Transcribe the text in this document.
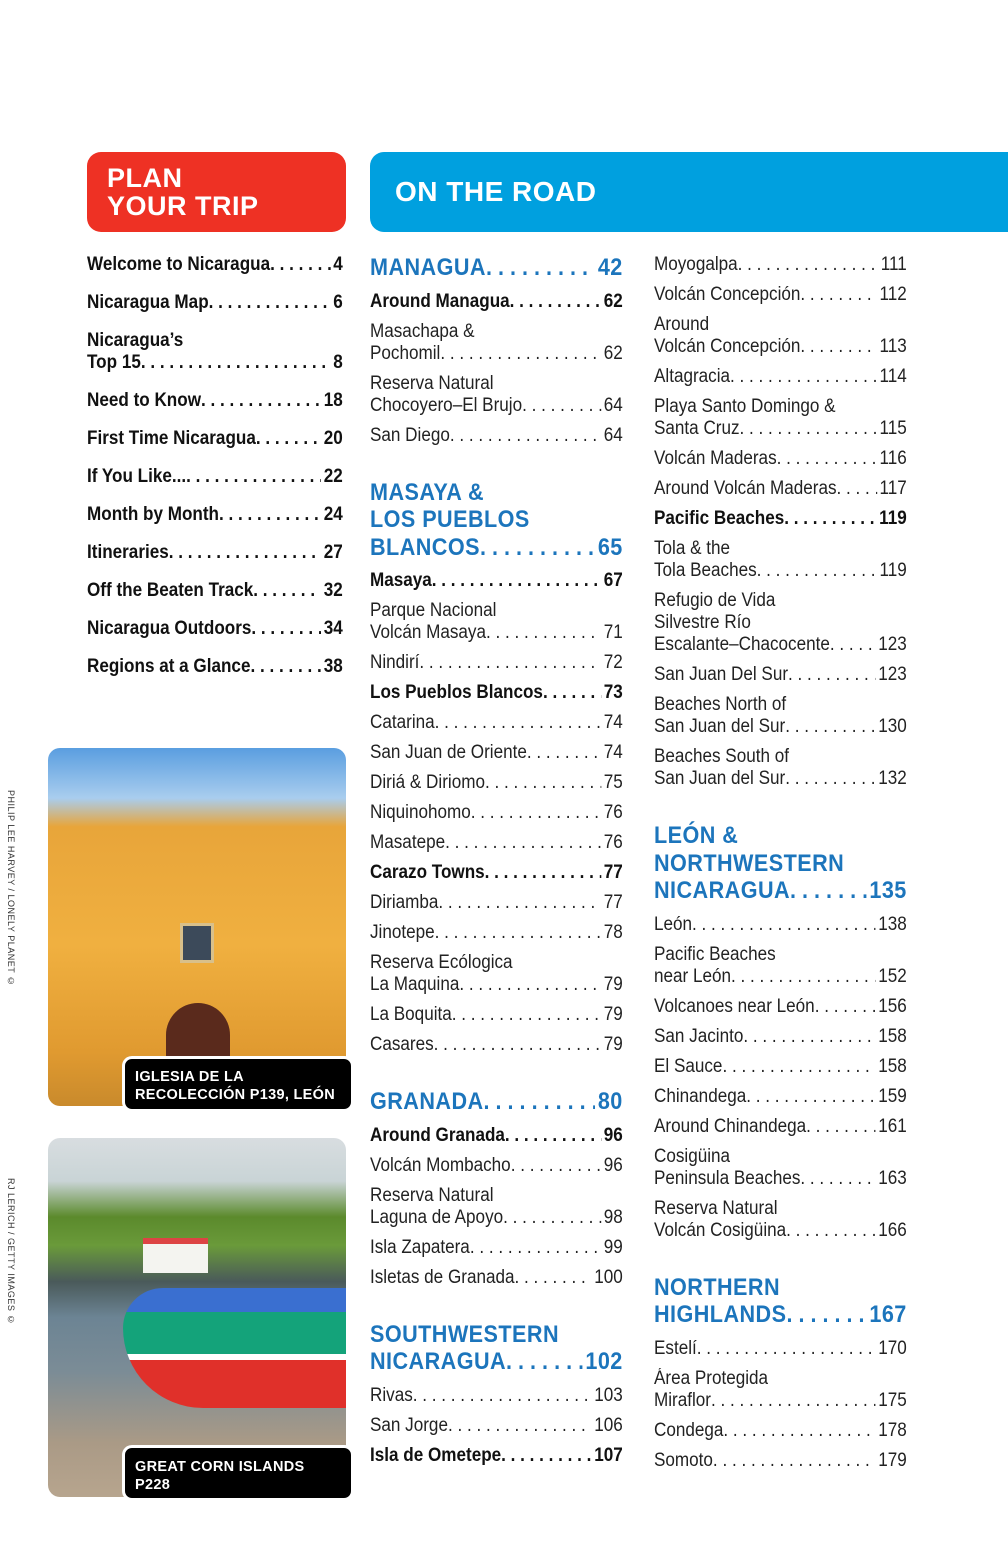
PLAN
YOUR TRIP	ON THE ROAD
Welcome to Nicaragua . . .	4
Nicaragua Map . . .	6
Nicaragua’s
Top 15 . . .	8
Need to Know . . .	18
First Time Nicaragua . . .	20
If You Like... . . .	22
Month by Month . . .	24
Itineraries . . .	27
Off the Beaten Track . . .	32
Nicaragua Outdoors . . .	34
Regions at a Glance . . .	38
MANAGUA . . .	42
Around Managua . . .	62
Masachapa &
Pochomil . . .	62
Reserva Natural
Chocoyero–El Brujo . . .	64
San Diego . . .	64
MASAYA &
LOS PUEBLOS
BLANCOS . . .	65
Masaya . . .	67
Parque Nacional
Volcán Masaya . . .	71
Nindirí . . .	72
Los Pueblos Blancos . . .	73
Catarina . . .	74
San Juan de Oriente . . .	74
Diriá & Diriomo . . .	75
Niquinohomo . . .	76
Masatepe . . .	76
Carazo Towns . . .	77
Diriamba . . .	77
Jinotepe . . .	78
Reserva Ecólogica
La Maquina . . .	79
La Boquita . . .	79
Casares . . .	79
GRANADA . . .	80
Around Granada . . .	96
Volcán Mombacho . . .	96
Reserva Natural
Laguna de Apoyo . . .	98
Isla Zapatera . . .	99
Isletas de Granada . . .	100
SOUTHWESTERN
NICARAGUA . . .	102
Rivas . . .	103
San Jorge . . .	106
Isla de Ometepe . . .	107
Moyogalpa . . .	111
Volcán Concepción . . .	112
Around
Volcán Concepción . . .	113
Altagracia . . .	114
Playa Santo Domingo &
Santa Cruz . . .	115
Volcán Maderas . . .	116
Around Volcán Maderas . . . 117
Pacific Beaches . . .	119
Tola & the
Tola Beaches . . .	119
Refugio de Vida
Silvestre Río
Escalante–Chacocente . . .	123
San Juan Del Sur . . .	123
Beaches North of
San Juan del Sur . . .	130
Beaches South of
San Juan del Sur . . .	132
LEÓN &
NORTHWESTERN
NICARAGUA . . .	135
León . . .	138
Pacific Beaches
near León . . .	152
Volcanoes near León . . .	156
San Jacinto . . .	158
El Sauce . . .	158
Chinandega . . .	159
Around Chinandega . . .	161
Cosigüina
Peninsula Beaches . . .	163
Reserva Natural
Volcán Cosigüina . . .	166
NORTHERN
HIGHLANDS . . .	167
Estelí . . .	170
Área Protegida
Miraflor . . .	175
Condega . . .	178
Somoto . . .	179
IGLESIA DE LA
RECOLECCIÓN P139, LEÓN
PHILIP LEE HARVEY / LONELY PLANET ©
GREAT CORN ISLANDS P228
RJ LERICH / GETTY IMAGES ©
